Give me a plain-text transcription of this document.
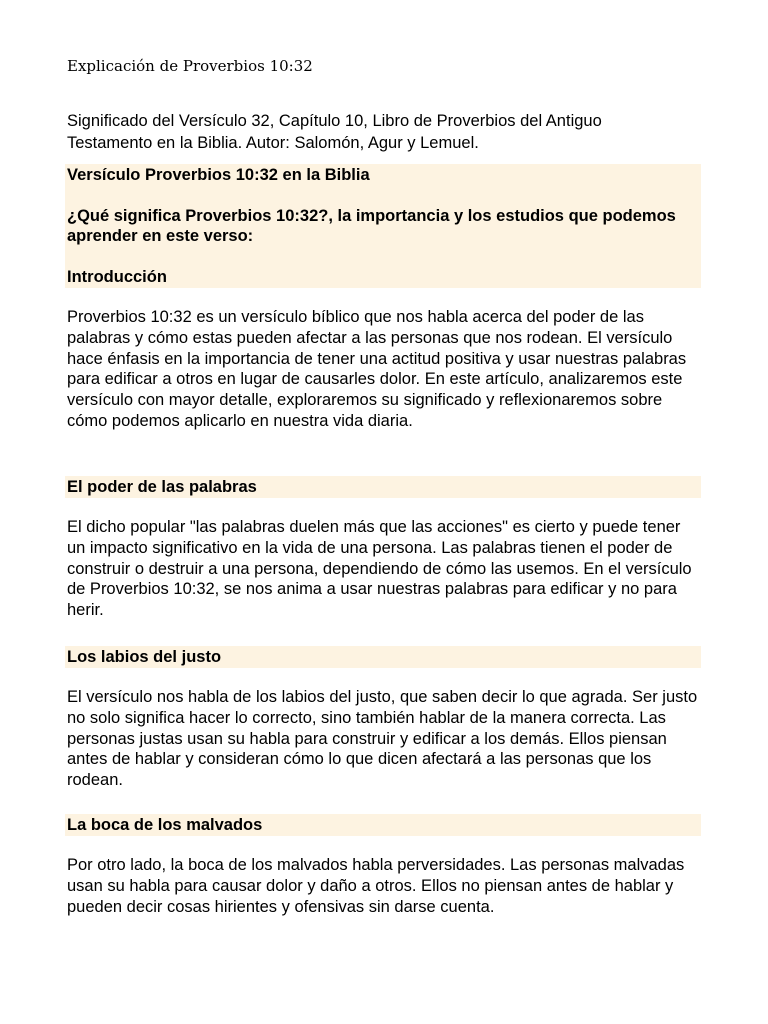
Explicación de Proverbios 10:32
Significado del Versículo 32, Capítulo 10, Libro de Proverbios del Antiguo Testamento en la Biblia. Autor: Salomón, Agur y Lemuel.
Versículo Proverbios 10:32 en la Biblia
¿Qué significa Proverbios 10:32?, la importancia y los estudios que podemos aprender en este verso:
Introducción
Proverbios 10:32 es un versículo bíblico que nos habla acerca del poder de las palabras y cómo estas pueden afectar a las personas que nos rodean. El versículo hace énfasis en la importancia de tener una actitud positiva y usar nuestras palabras para edificar a otros en lugar de causarles dolor. En este artículo, analizaremos este versículo con mayor detalle, exploraremos su significado y reflexionaremos sobre cómo podemos aplicarlo en nuestra vida diaria.
El poder de las palabras
El dicho popular "las palabras duelen más que las acciones" es cierto y puede tener un impacto significativo en la vida de una persona. Las palabras tienen el poder de construir o destruir a una persona, dependiendo de cómo las usemos. En el versículo de Proverbios 10:32, se nos anima a usar nuestras palabras para edificar y no para herir.
Los labios del justo
El versículo nos habla de los labios del justo, que saben decir lo que agrada. Ser justo no solo significa hacer lo correcto, sino también hablar de la manera correcta. Las personas justas usan su habla para construir y edificar a los demás. Ellos piensan antes de hablar y consideran cómo lo que dicen afectará a las personas que los rodean.
La boca de los malvados
Por otro lado, la boca de los malvados habla perversidades. Las personas malvadas usan su habla para causar dolor y daño a otros. Ellos no piensan antes de hablar y pueden decir cosas hirientes y ofensivas sin darse cuenta.
